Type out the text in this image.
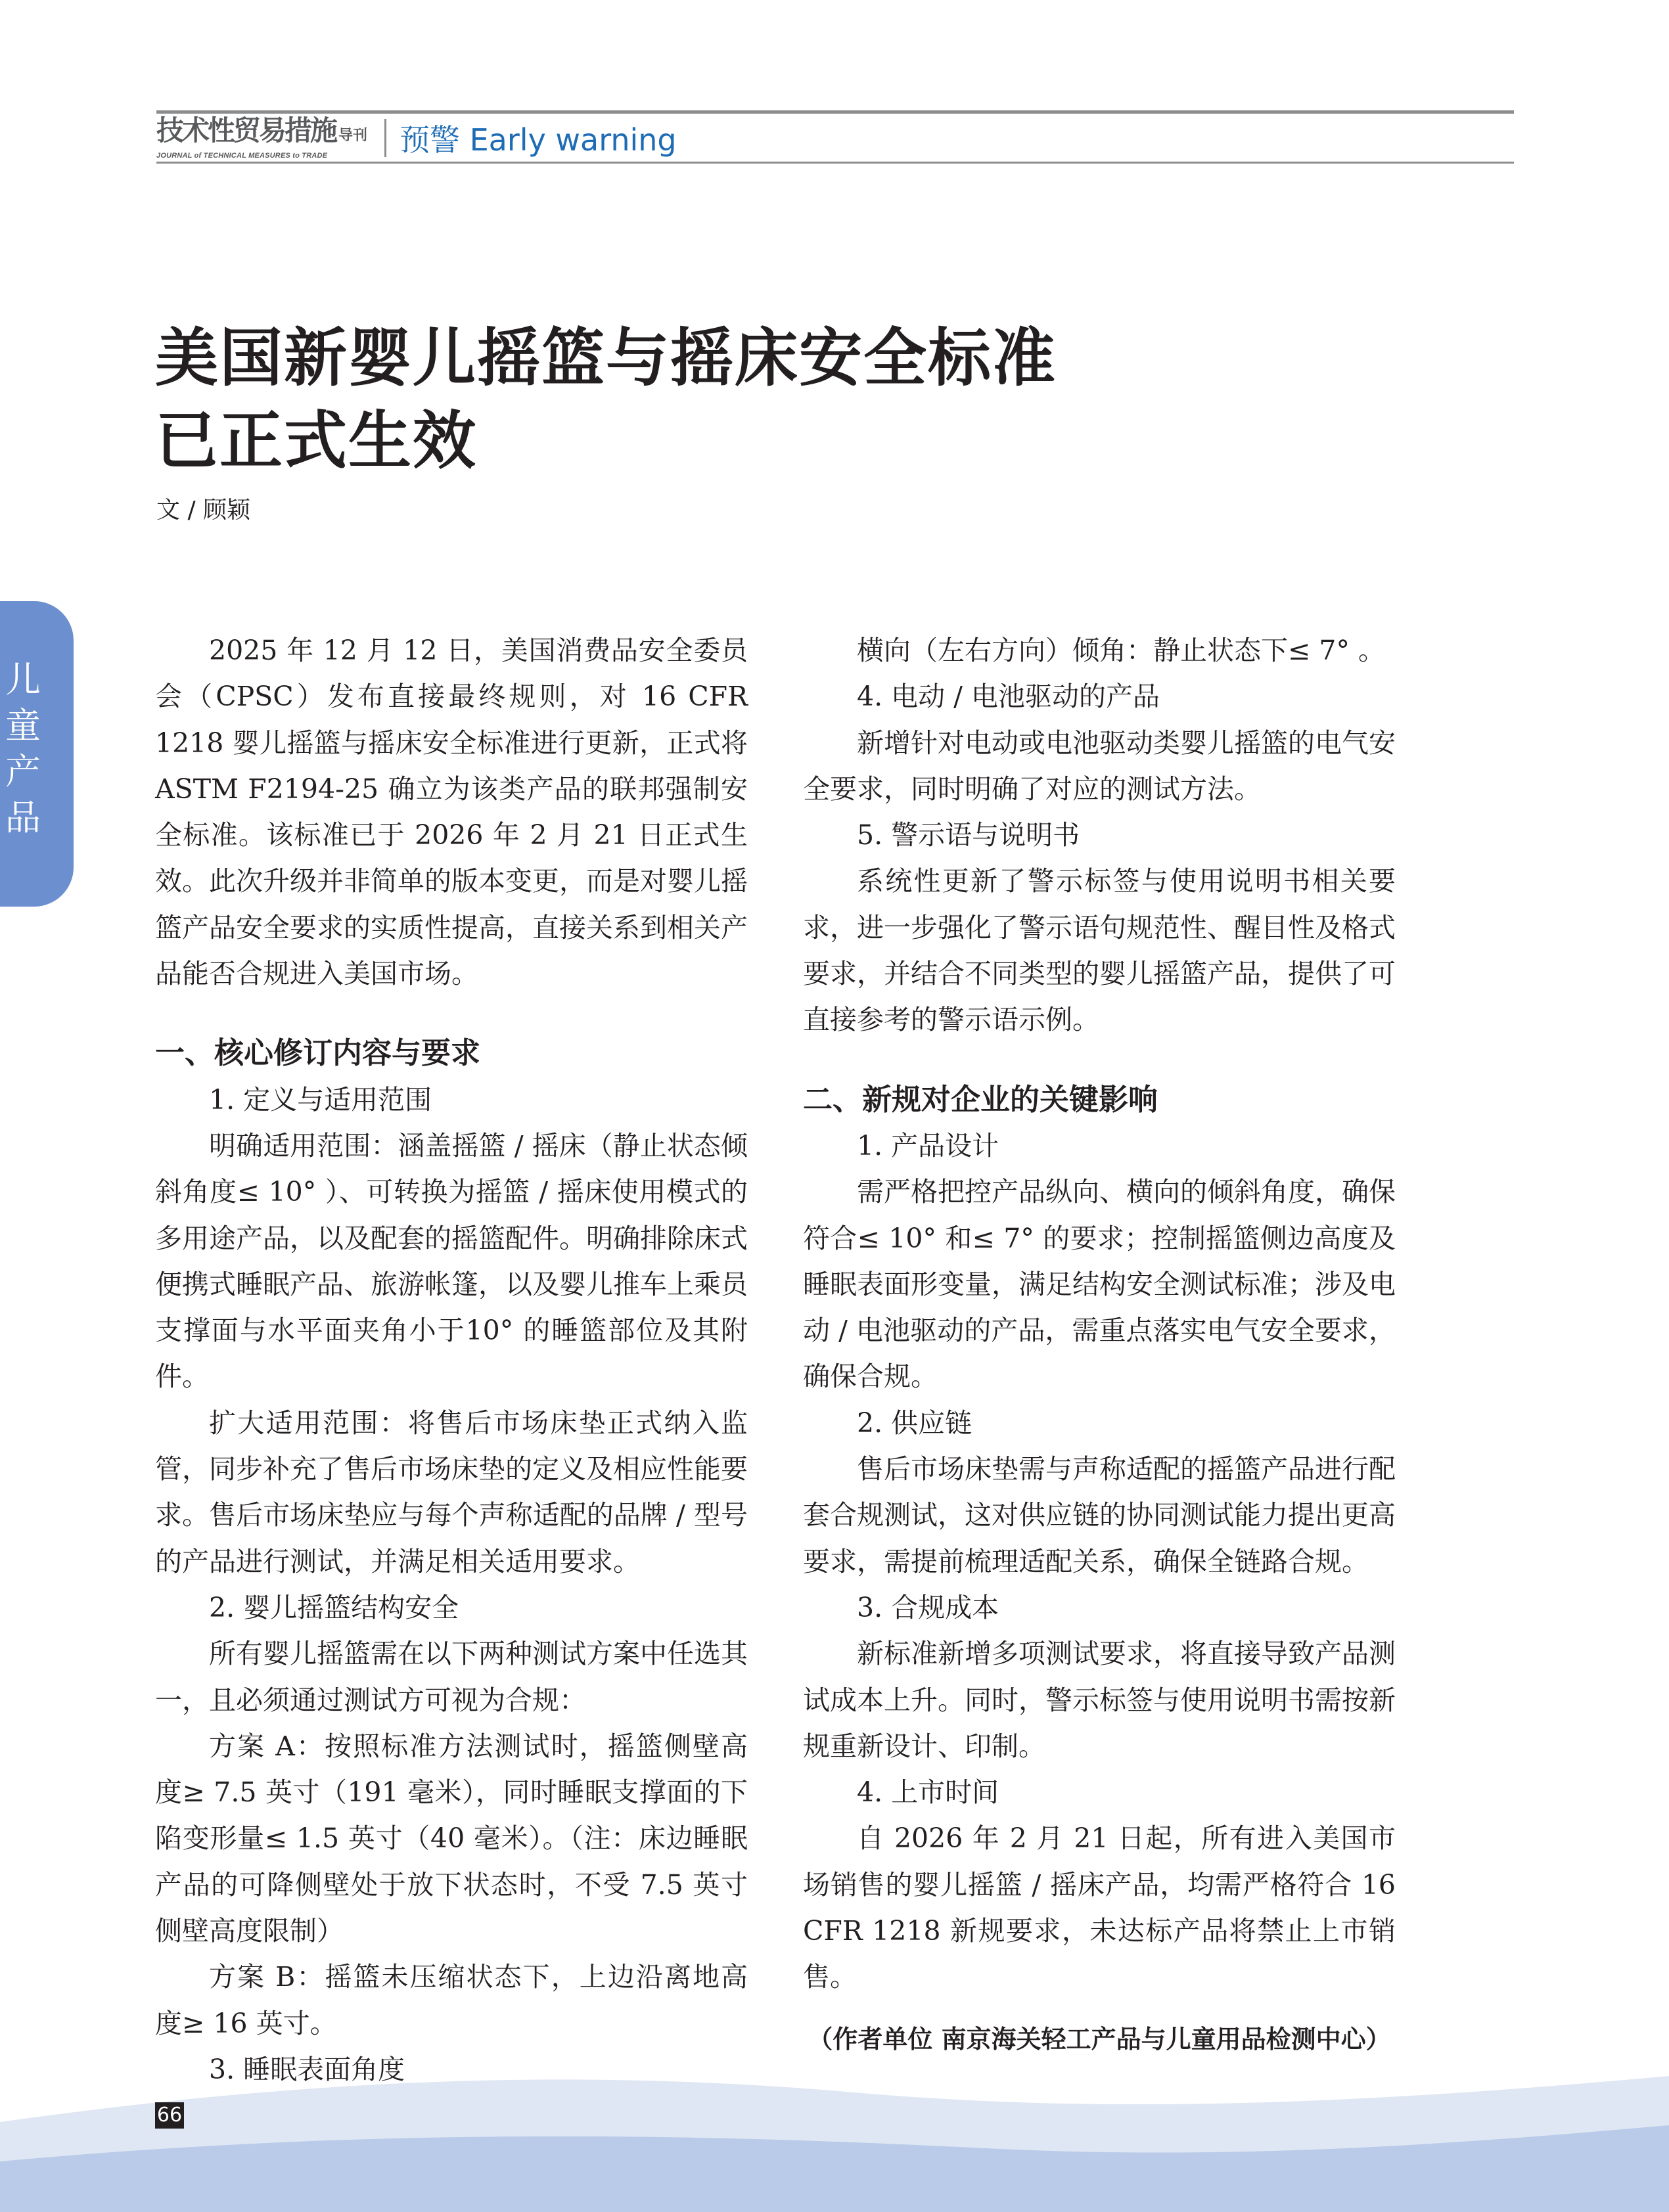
技术性贸易措施 导刊
JOURNAL of TECHNICAL MEASURES to TRADE	预警 Early warning
儿童产品
美国新婴儿摇篮与摇床安全标准
已正式生效
文 / 顾颖

2025 年 12 月 12 日，美国消费品安全委员会（CPSC）发布直接最终规则，对 16 CFR 1218 婴儿摇篮与摇床安全标准进行更新，正式将 ASTM F2194-25 确立为该类产品的联邦强制安全标准。该标准已于 2026 年 2 月 21 日正式生效。此次升级并非简单的版本变更，而是对婴儿摇篮产品安全要求的实质性提高，直接关系到相关产品能否合规进入美国市场。

一、核心修订内容与要求

1. 定义与适用范围

明确适用范围：涵盖摇篮 / 摇床（静止状态倾斜角度≤ 10° ）、可转换为摇篮 / 摇床使用模式的多用途产品，以及配套的摇篮配件。明确排除床式便携式睡眠产品、旅游帐篷，以及婴儿推车上乘员支撑面与水平面夹角小于10° 的睡篮部位及其附件。

扩大适用范围：将售后市场床垫正式纳入监管，同步补充了售后市场床垫的定义及相应性能要求。售后市场床垫应与每个声称适配的品牌 / 型号的产品进行测试，并满足相关适用要求。

2. 婴儿摇篮结构安全

所有婴儿摇篮需在以下两种测试方案中任选其一，且必须通过测试方可视为合规：

方案 A：按照标准方法测试时，摇篮侧壁高度≥ 7.5 英寸（191 毫米），同时睡眠支撑面的下陷变形量≤ 1.5 英寸（40 毫米）。（注：床边睡眠产品的可降侧壁处于放下状态时，不受 7.5 英寸侧壁高度限制）

方案 B：摇篮未压缩状态下，上边沿离地高度≥ 16 英寸。

3. 睡眠表面角度

横向（左右方向）倾角：静止状态下≤ 7° 。

4. 电动 / 电池驱动的产品

新增针对电动或电池驱动类婴儿摇篮的电气安全要求，同时明确了对应的测试方法。

5. 警示语与说明书

系统性更新了警示标签与使用说明书相关要求，进一步强化了警示语句规范性、醒目性及格式要求，并结合不同类型的婴儿摇篮产品，提供了可直接参考的警示语示例。

二、新规对企业的关键影响

1. 产品设计

需严格把控产品纵向、横向的倾斜角度，确保符合≤ 10° 和≤ 7° 的要求；控制摇篮侧边高度及睡眠表面形变量，满足结构安全测试标准；涉及电动 / 电池驱动的产品，需重点落实电气安全要求，确保合规。

2. 供应链

售后市场床垫需与声称适配的摇篮产品进行配套合规测试，这对供应链的协同测试能力提出更高要求，需提前梳理适配关系，确保全链路合规。

3. 合规成本

新标准新增多项测试要求，将直接导致产品测试成本上升。同时，警示标签与使用说明书需按新规重新设计、印制。

4. 上市时间

自 2026 年 2 月 21 日起，所有进入美国市场销售的婴儿摇篮 / 摇床产品，均需严格符合 16 CFR 1218 新规要求，未达标产品将禁止上市销售。

（作者单位 南京海关轻工产品与儿童用品检测中心）
66
